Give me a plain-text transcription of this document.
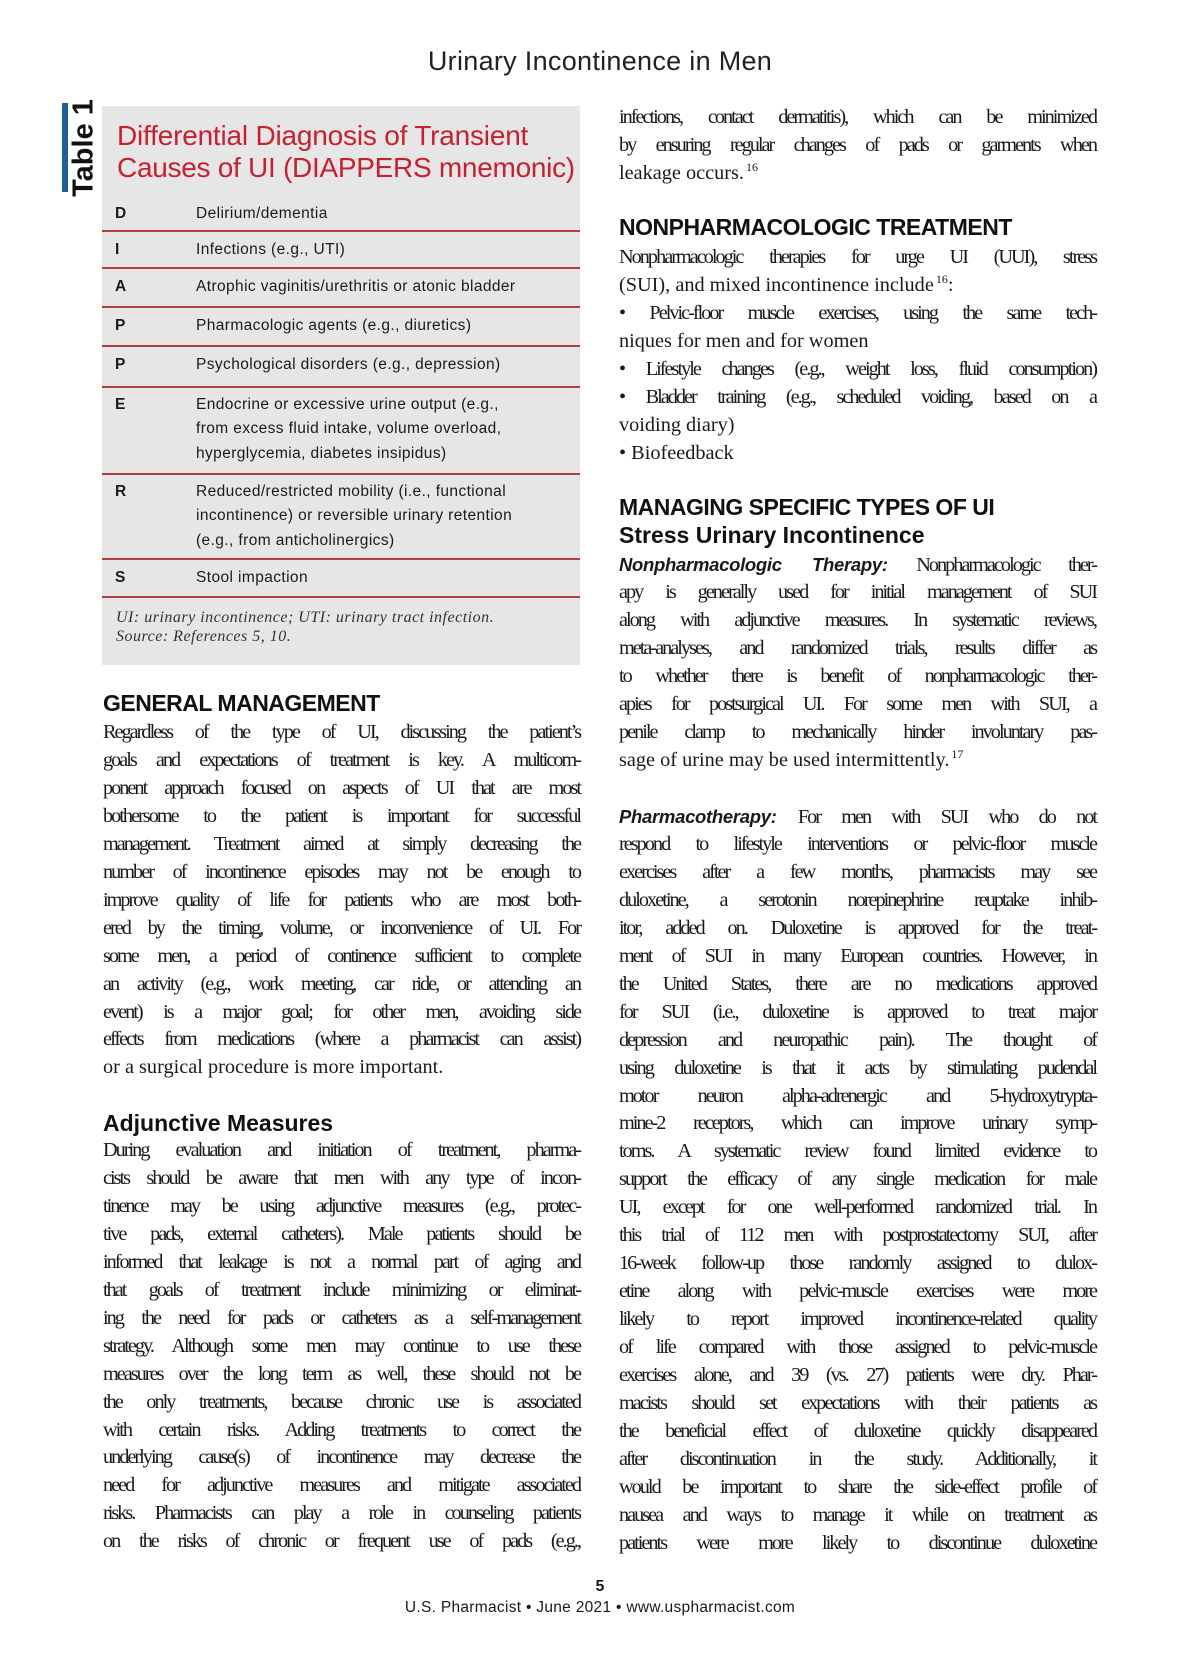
Urinary Incontinence in Men
Table 1 Differential Diagnosis of Transient
Causes of UI (DIAPPERS mnemonic)
D	Delirium/dementia
I	Infections (e.g., UTI)
A	Atrophic vaginitis/urethritis or atonic bladder
P	Pharmacologic agents (e.g., diuretics)
P	Psychological disorders (e.g., depression)
E	Endocrine or excessive urine output (e.g.,
from excess fluid intake, volume overload,
hyperglycemia, diabetes insipidus)
R	Reduced/restricted mobility (i.e., functional
incontinence) or reversible urinary retention
(e.g., from anticholinergics)
S	Stool impaction
UI: urinary incontinence; UTI: urinary tract infection.
Source: References 5, 10.
GENERAL MANAGEMENT
Regardless of the type of UI, discussing the patient’s
goals and expectations of treatment is key. A multicom-
ponent approach focused on aspects of UI that are most
bothersome to the patient is important for successful
management. Treatment aimed at simply decreasing the
number of incontinence episodes may not be enough to
improve quality of life for patients who are most both-
ered by the timing, volume, or inconvenience of UI. For
some men, a period of continence sufficient to complete
an activity (e.g., work meeting, car ride, or attending an
event) is a major goal; for other men, avoiding side
effects from medications (where a pharmacist can assist)
or a surgical procedure is more important.
Adjunctive Measures
During evaluation and initiation of treatment, pharma-
cists should be aware that men with any type of incon-
tinence may be using adjunctive measures (e.g., protec-
tive pads, external catheters). Male patients should be
informed that leakage is not a normal part of aging and
that goals of treatment include minimizing or eliminat-
ing the need for pads or catheters as a self-management
strategy. Although some men may continue to use these
measures over the long term as well, these should not be
the only treatments, because chronic use is associated
with certain risks. Adding treatments to correct the
underlying cause(s) of incontinence may decrease the
need for adjunctive measures and mitigate associated
risks. Pharmacists can play a role in counseling patients
on the risks of chronic or frequent use of pads (e.g.,
infections, contact dermatitis), which can be minimized
by ensuring regular changes of pads or garments when
leakage occurs. $^{16}$
NONPHARMACOLOGIC TREATMENT
Nonpharmacologic therapies for urge UI (UUI), stress
(SUI), and mixed incontinence include $^{16}$:
• Pelvic-floor muscle exercises, using the same tech-
niques for men and for women
• Lifestyle changes (e.g., weight loss, fluid consumption)
• Bladder training (e.g., scheduled voiding, based on a
voiding diary)
• Biofeedback
MANAGING SPECIFIC TYPES OF UI
Stress Urinary Incontinence
Nonpharmacologic Therapy: Nonpharmacologic ther-
apy is generally used for initial management of SUI
along with adjunctive measures. In systematic reviews,
meta-analyses, and randomized trials, results differ as
to whether there is benefit of nonpharmacologic ther-
apies for postsurgical UI. For some men with SUI, a
penile clamp to mechanically hinder involuntary pas-
sage of urine may be used intermittently. $^{17}$
Pharmacotherapy: For men with SUI who do not
respond to lifestyle interventions or pelvic-floor muscle
exercises after a few months, pharmacists may see
duloxetine, a serotonin norepinephrine reuptake inhib-
itor, added on. Duloxetine is approved for the treat-
ment of SUI in many European countries. However, in
the United States, there are no medications approved
for SUI (i.e., duloxetine is approved to treat major
depression and neuropathic pain). The thought of
using duloxetine is that it acts by stimulating pudendal
motor neuron alpha-adrenergic and 5-hydroxytrypta-
mine-2 receptors, which can improve urinary symp-
toms. A systematic review found limited evidence to
support the efficacy of any single medication for male
UI, except for one well-performed randomized trial. In
this trial of 112 men with postprostatectomy SUI, after
16-week follow-up those randomly assigned to dulox-
etine along with pelvic-muscle exercises were more
likely to report improved incontinence-related quality
of life compared with those assigned to pelvic-muscle
exercises alone, and 39 (vs. 27) patients were dry. Phar-
macists should set expectations with their patients as
the beneficial effect of duloxetine quickly disappeared
after discontinuation in the study. Additionally, it
would be important to share the side-effect profile of
nausea and ways to manage it while on treatment as
patients were more likely to discontinue duloxetine
5
U.S. Pharmacist • June 2021 • www.uspharmacist.com
